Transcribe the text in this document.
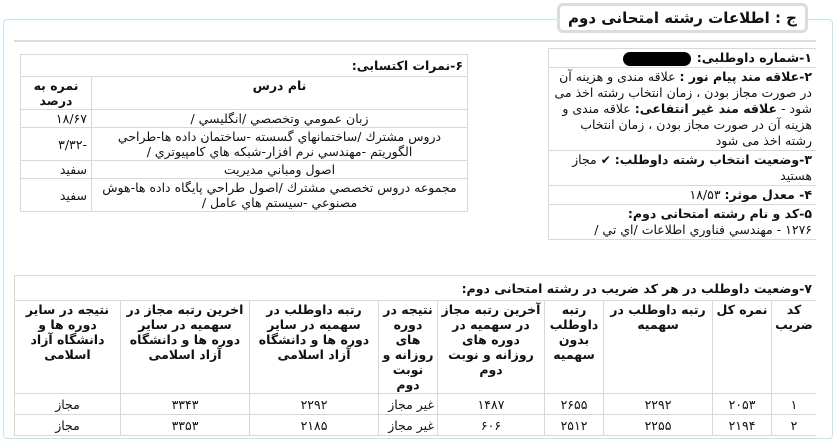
ج : اطلاعات رشته امتحانی دوم
۱-شماره داوطلبی:
۲-علاقه مند پیام نور : علاقه مندی و هزینه آن در صورت مجاز بودن ، زمان انتخاب رشته اخذ می شود - علاقه مند غیر انتفاعی: علاقه مندی و هزینه آن در صورت مجاز بودن ، زمان انتخاب رشته اخذ می شود
۳-وضعیت انتخاب رشته داوطلب: ✔ مجاز هستید
۴- معدل موثر: ۱۸/۵۳
۵-کد و نام رشته امتحانی دوم:
۱۲۷۶ - مهندسي فناوري اطلاعات /اي تي /
۶-نمرات اکتسابی:	
نام درس	نمره به درصد
زبان عمومي وتخصصي /انگليسي /	۱۸/۶۷
دروس مشترك /ساختمانهاي گسسته -ساختمان داده ها-طراحي الگوريتم -مهندسي نرم افزار-شبكه هاي كامپيوتري /	-۳/۳۲
اصول ومباني مديريت	سفید
مجموعه دروس تخصصي مشترك /اصول طراحي پايگاه داده ها-هوش مصنوعي -سيستم هاي عامل /	سفید
۷-وضعیت داوطلب در هر کد ضریب در رشته امتحانی دوم:								
کد ضریب	نمره کل	رتبه داوطلب در سهمیه	رتبه داوطلب بدون سهمیه	آخرین رتبه مجاز در سهمیه در دوره های روزانه و نوبت دوم	نتیجه در دوره های روزانه و نوبت دوم	رتبه داوطلب در سهمیه در سایر دوره ها و دانشگاه آزاد اسلامی	اخرین رتبه مجاز در سهمیه در سایر دوره ها و دانشگاه آزاد اسلامی	نتیجه در سایر دوره ها و دانشگاه آزاد اسلامی
۱	۲۰۵۳	۲۲۹۲	۲۶۵۵	۱۴۸۷	غیر مجاز	۲۲۹۲	۳۳۴۳	مجاز
۲	۲۱۹۴	۲۲۵۵	۲۵۱۲	۶۰۶	غیر مجاز	۲۱۸۵	۳۳۵۳	مجاز
